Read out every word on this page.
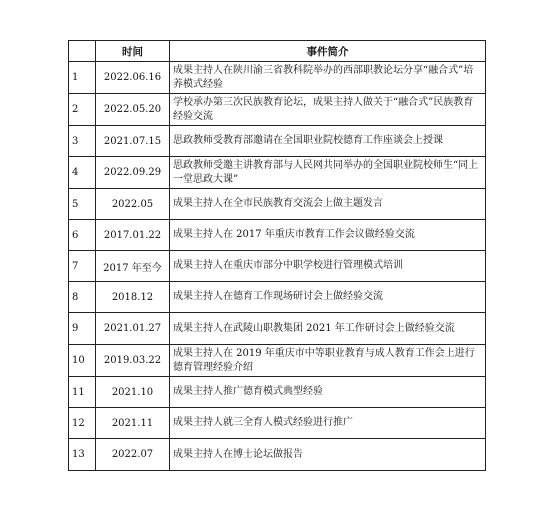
	时间	事件简介
1	2022.06.16	成果主持人在陕川渝三省教科院举办的西部职教论坛分享“融合式”培养模式经验
2	2022.05.20	学校承办第三次民族教育论坛，成果主持人做关于“融合式”民族教育经验交流
3	2021.07.15	思政教师受教育部邀请在全国职业院校德育工作座谈会上授课
4	2022.09.29	思政教师受邀主讲教育部与人民网共同举办的全国职业院校师生“同上一堂思政大课”
5	2022.05	成果主持人在全市民族教育交流会上做主题发言
6	2017.01.22	成果主持人在 2017 年重庆市教育工作会议做经验交流
7	2017 年至今	成果主持人在重庆市部分中职学校进行管理模式培训
8	2018.12	成果主持人在德育工作现场研讨会上做经验交流
9	2021.01.27	成果主持人在武陵山职教集团 2021 年工作研讨会上做经验交流
10	2019.03.22	成果主持人在 2019 年重庆市中等职业教育与成人教育工作会上进行德育管理经验介绍
11	2021.10	成果主持人推广德育模式典型经验
12	2021.11	成果主持人就三全育人模式经验进行推广
13	2022.07	成果主持人在博士论坛做报告
